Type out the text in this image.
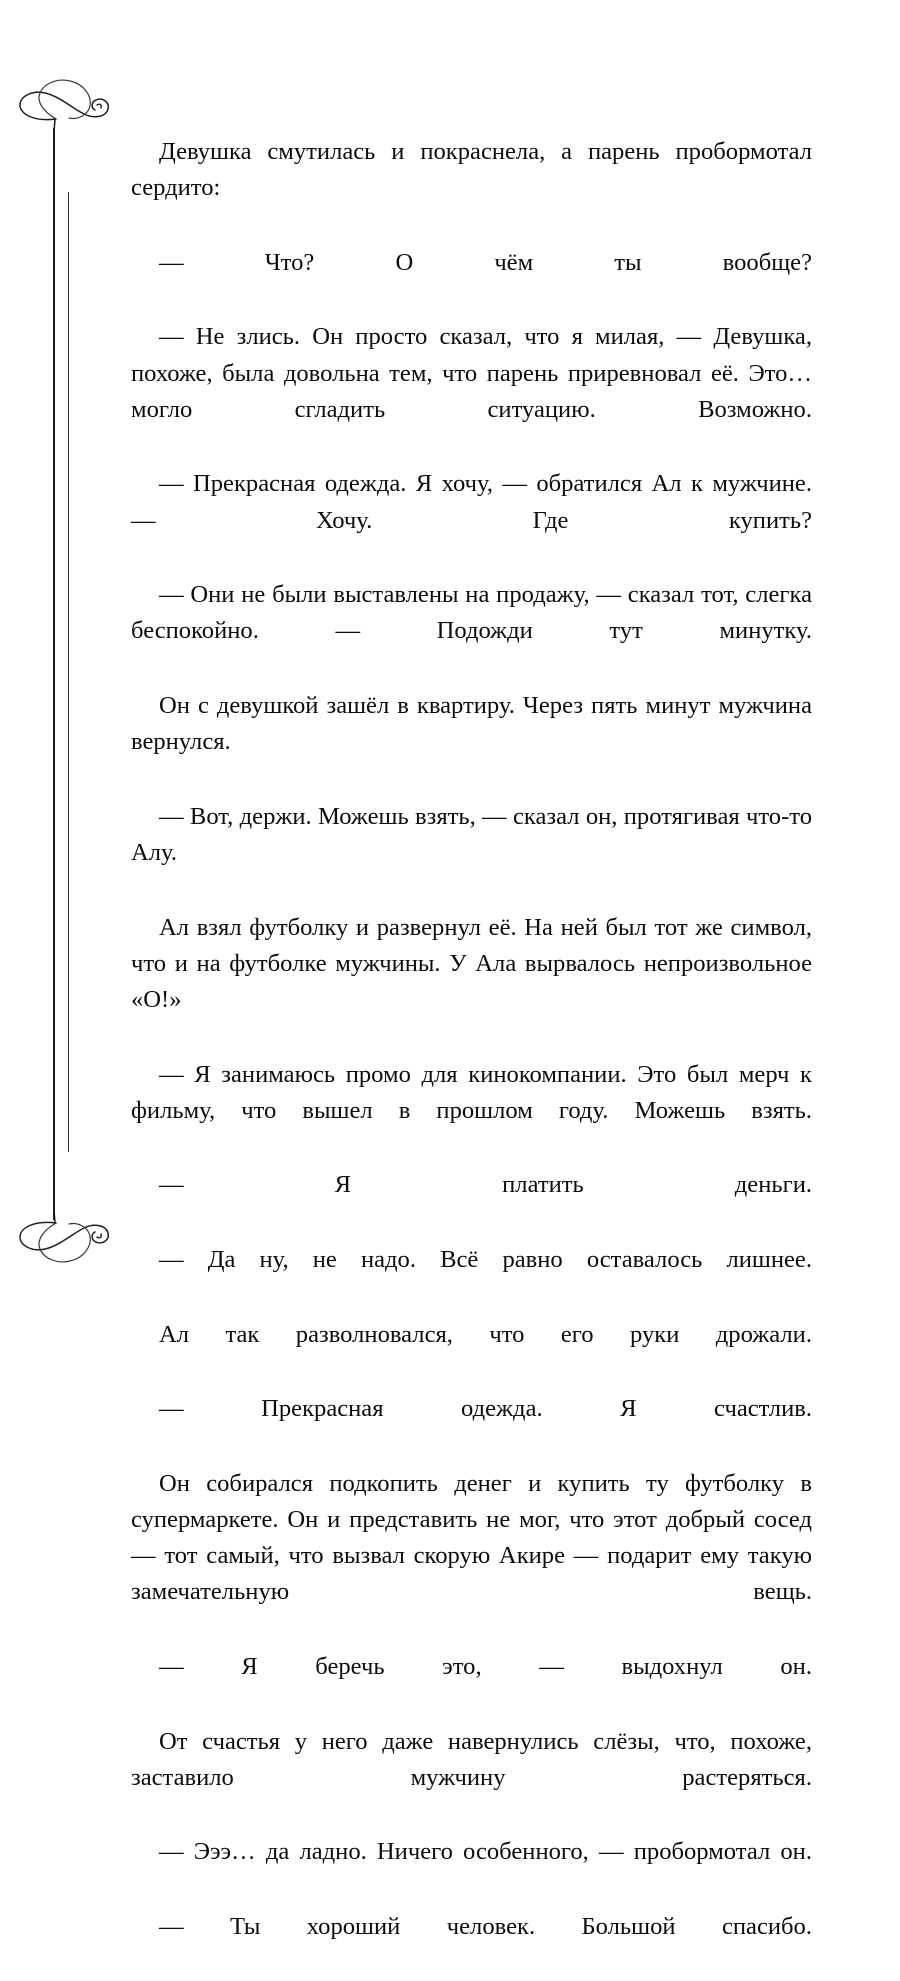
Девушка смутилась и покраснела, а парень пробормотал сердито:

— Что? О чём ты вообще?

— Не злись. Он просто сказал, что я милая, — Девушка, похоже, была довольна тем, что парень приревновал её. Это… могло сгладить ситуацию. Возможно.

— Прекрасная одежда. Я хочу, — обратился Ал к мужчине. — Хочу. Где купить?

— Они не были выставлены на продажу, — сказал тот, слегка беспокойно. — Подожди тут минутку.

Он с девушкой зашёл в квартиру. Через пять минут мужчина вернулся.

— Вот, держи. Можешь взять, — сказал он, протягивая что-то Алу.

Ал взял футболку и развернул её. На ней был тот же символ, что и на футболке мужчины. У Ала вырвалось непроизвольное «О!»

— Я занимаюсь промо для кинокомпании. Это был мерч к фильму, что вышел в прошлом году. Можешь взять.

— Я платить деньги.

— Да ну, не надо. Всё равно оставалось лишнее.

Ал так разволновался, что его руки дрожали.

— Прекрасная одежда. Я счастлив.

Он собирался подкопить денег и купить ту футболку в супермаркете. Он и представить не мог, что этот добрый сосед — тот самый, что вызвал скорую Акире — подарит ему такую замечательную вещь.

— Я беречь это, — выдохнул он.

От счастья у него даже навернулись слёзы, что, похоже, заставило мужчину растеряться.

— Эээ… да ладно. Ничего особенного, — пробормотал он.

— Ты хороший человек. Большой спасибо.
